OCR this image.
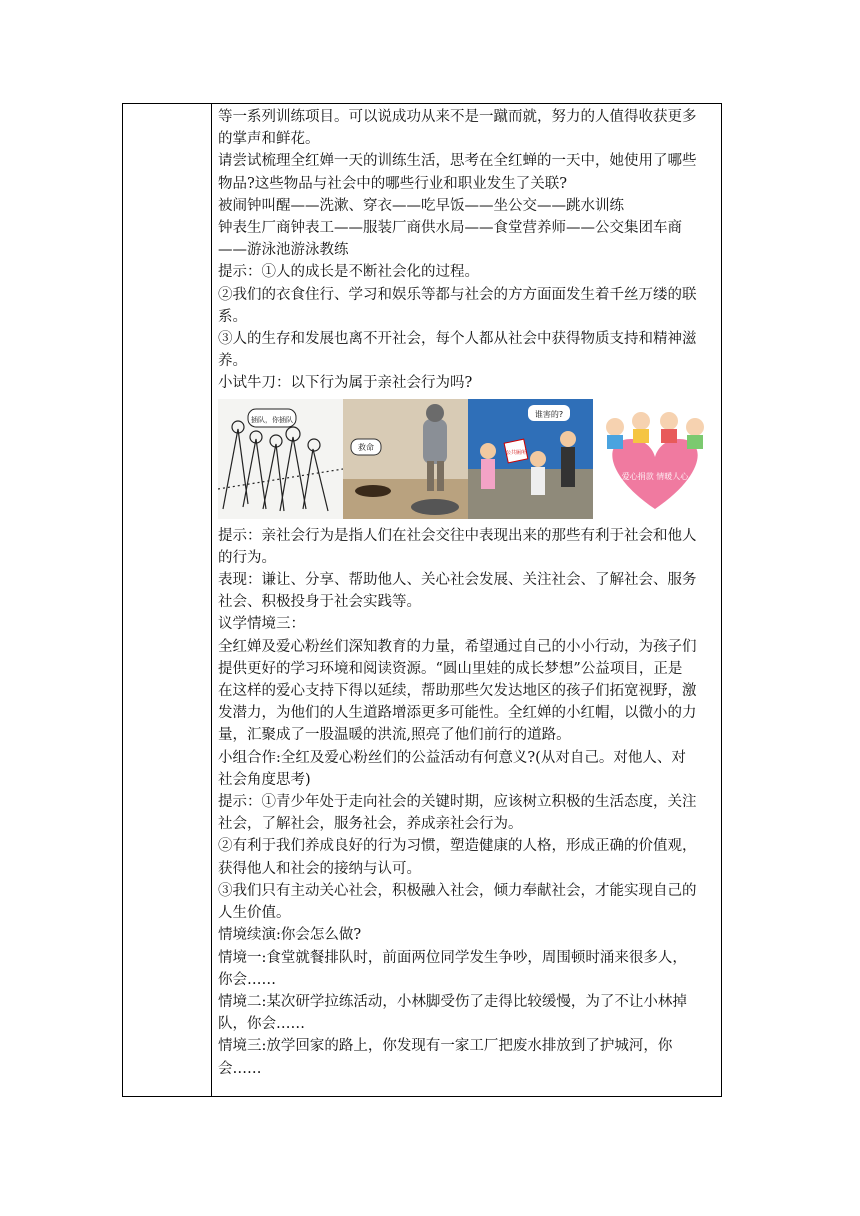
等一系列训练项目。可以说成功从来不是一蹴而就，努力的人值得收获更多

的掌声和鲜花。

请尝试梳理全红婵一天的训练生活，思考在全红蝉的一天中，她使用了哪些

物品?这些物品与社会中的哪些行业和职业发生了关联?

被闹钟叫醒——洗漱、穿衣——吃早饭——坐公交——跳水训练

钟表生厂商钟表工——服装厂商供水局——食堂营养师——公交集团车商

——游泳池游泳教练

提示：①人的成长是不断社会化的过程。

②我们的衣食住行、学习和娱乐等都与社会的方方面面发生着千丝万缕的联

系。

③人的生存和发展也离不开社会，每个人都从社会中获得物质支持和精神滋

养。

小试牛刀：以下行为属于亲社会行为吗?

插队，你插队
救命
谁害的?
公共厕所
爱心捐款 情暖人心

提示：亲社会行为是指人们在社会交往中表现出来的那些有利于社会和他人

的行为。

表现：谦让、分享、帮助他人、关心社会发展、关注社会、了解社会、服务

社会、积极投身于社会实践等。

议学情境三：

全红婵及爱心粉丝们深知教育的力量，希望通过自己的小小行动，为孩子们

提供更好的学习环境和阅读资源。“圆山里娃的成长梦想”公益项目，正是

在这样的爱心支持下得以延续，帮助那些欠发达地区的孩子们拓宽视野，激

发潜力，为他们的人生道路增添更多可能性。全红婵的小红帽，以微小的力

量，汇聚成了一股温暖的洪流,照亮了他们前行的道路。

小组合作:全红及爱心粉丝们的公益活动有何意义?(从对自己。对他人、对

社会角度思考)

提示：①青少年处于走向社会的关键时期，应该树立积极的生活态度，关注

社会，了解社会，服务社会，养成亲社会行为。

②有利于我们养成良好的行为习惯，塑造健康的人格，形成正确的价值观，

获得他人和社会的接纳与认可。

③我们只有主动关心社会，积极融入社会，倾力奉献社会，才能实现自己的

人生价值。

情境续演:你会怎么做?

情境一:食堂就餐排队时，前面两位同学发生争吵，周围顿时涌来很多人，

你会……

情境二:某次研学拉练活动，小林脚受伤了走得比较缓慢，为了不让小林掉

队，你会……

情境三:放学回家的路上，你发现有一家工厂把废水排放到了护城河，你

会……
